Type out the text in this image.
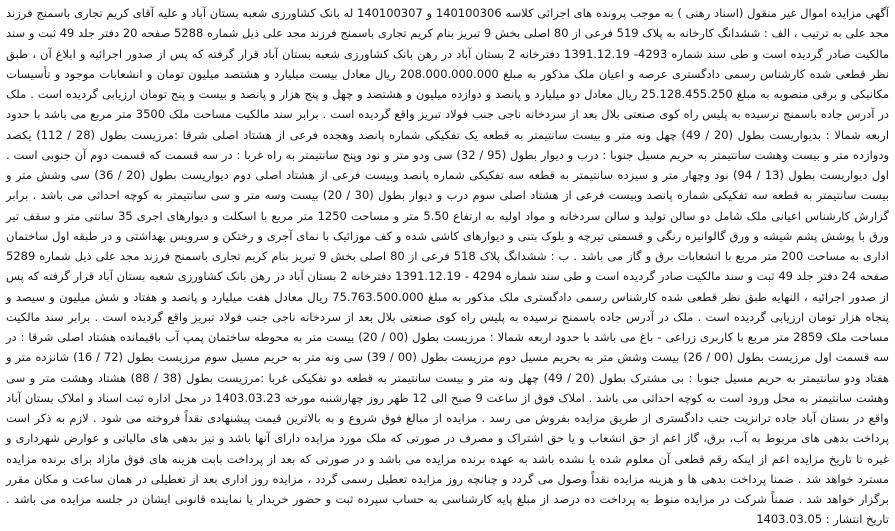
آگهی مزایده اموال غیر منقول (اسناد رهنی ) به موجب پرونده های اجرائی کلاسه 140100306 و 140100307 له بانک کشاورزی شعبه بستان آباد و علیه آقای کریم تجاری باسمنج فرزند مجد علی به ترتیب ، الف : ششدانگ کارخانه به پلاک 519 فرعی از 80 اصلی بخش 9 تبریز بنام کریم تجاری باسمنج فرزند مجد علی ذیل شماره 5288 صفحه 20 دفتر جلد 49 ثبت و سند مالکیت صادر گردیده است و طی سند شماره 4293- 1391.12.19 دفترخانه 2 بستان آباد در رهن بانک کشاورزی شعبه بستان آباد قرار گرفته که پس از صدور اجرائیه و ابلاغ آن ، طبق نظر قطعی شده کارشناس رسمی دادگستری عرصه و اعیان ملک مذکور به مبلغ 208.000.000.000 ریال معادل بیست میلیارد و هشتصد میلیون تومان و انشعابات موجود و تأسیسات مکانیکی و برقی منصوبه به مبلغ 25.128.455.250 ریال معادل دو میلیارد و پانصد و دوازده میلیون و هشتصد و چهل و پنج هزار و پانصد و بیست و پنج تومان ارزیابی گردیده است . ملک در آدرس جاده باسمنج نرسیده به پلیس راه کوی صنعتی بلال بعد از سردخانه ناجی جنب فولاد تبریز واقع گردیده است . برابر سند مالکیت مساحت ملک 3500 متر مربع می باشد با حدود اربعه شمالا : بدیواریست بطول (20 / 49) چهل ونه متر و بیست سانتیمتر به قطعه یک تفکیکی شماره پانصد وهجده فرعی از هشتاد اصلی شرقا :مرزیست بطول (28 / 112) یکصد ودوازده متر و بیست وهشت سانتیمتر به حریم مسیل جنوبا : درب و دیوار بطول (95 / 32) سی ودو متر و نود وپنج سانتیمتر به راه غربا : در سه قسمت که قسمت دوم آن جنوبی است . اول دیواریست بطول (13 / 94) نود وچهار متر و سیزده سانتیمتر به قطعه سه تفکیکی شماره پانصد وبیست فرعی از هشتاد اصلی دوم دیواریست بطول (20 / 36) سی وشش متر و بیست سانتیمتر به قطعه سه تفکیکی شماره پانصد وبیست فرعی از هشتاد اصلی سوم درب و دیوار بطول (30 / 20) بیست وسه متر و سی سانتیمتر به کوچه احداثی می باشد . برابر گزارش کارشناس اعیانی ملک شامل دو سالن تولید و سالن سردخانه و مواد اولیه به ارتفاع 5.50 متر و مساحت 1250 متر مربع با اسکلت و دیوارهای اجری 35 سانتی متر و سقف تیر ورق با پوشش پشم شیشه و ورق گالوانیزه رنگی و قسمتی تیرچه و بلوک بتنی و دیوارهای کاشی شده و کف موزائیک با نمای آجری و رختکن و سرویس بهداشتی و در طبقه اول ساختمان اداری به مساحت 200 متر مربع با انشعابات برق و گاز می باشد . ب : ششدانگ پلاک 518 فرعی از 80 اصلی بخش 9 تبریز بنام کریم تجاری باسمنج فرزند مجد علی ذیل شماره 5289 صفحه 24 دفتر جلد 49 ثبت و سند مالکیت صادر گردیده است و طی سند شماره 4294 - 1391.12.19 دفترخانه 2 بستان آباد در رهن بانک کشاورزی شعبه بستان آباد قرار گرفته که پس از صدور اجرائیه ، النهایه طبق نظر قطعی شده کارشناس رسمی دادگستری ملک مذکور به مبلغ 75.763.500.000 ریال معادل هفت میلیارد و پانصد و هفتاد و شش میلیون و سیصد و پنجاه هزار تومان ارزیابی گردیده است . ملک در آدرس جاده باسمنج نرسیده به پلیس راه کوی صنعتی بلال بعد از سردخانه ناجی جنب فولاد تبریز واقع گردیده است . برابر سند مالکیت مساحت ملک 2859 متر مربع با کاربری زراعی - باغ می باشد با حدود اربعه شمالا : مرزیست بطول (00 / 20) بیست متر به محوطه ساختمان پمپ آب باقیمانده هشتاد اصلی شرقا : در سه قسمت اول مرزیست بطول (00 / 26) بیست وشش متر به بحریم مسیل دوم مرزیست بطول (00 / 39) سی ونه متر به حریم مسیل سوم مرزیست بطول (72 / 16) شانزده متر و هفتاد ودو سانتیمتر به حریم مسیل جنوبا : بی مشترک بطول (20 / 49) چهل ونه متر و بیست سانتیمتر به قطعه دو تفکیکی غربا :مرزیست بطول (38 / 88) هشتاد وهشت متر و سی وهشت سانتیمتر به محل ورود است به کوچه احداثی می باشد . املاک فوق از ساعت 9 صبح الی 12 ظهر روز چهارشنبه مورخه 1403.03.23 در محل اداره ثبت اسناد و املاک بستان آباد واقع در بستان آباد جاده ترانزیت جنب دادگستری از طریق مزایده بفروش می رسد . مزایده از مبالغ فوق شروع و به بالاترین قیمت پیشنهادی نقداً فروخته می شود . لازم به ذکر است پرداخت بدهی های مربوط به آب، برق، گاز اعم از حق انشعاب و یا حق اشتراک و مصرف در صورتی که ملک مورد مزایده دارای آنها باشد و نیز بدهی های مالیاتی و عوارض شهرداری و غیره تا تاریخ مزایده اعم از اینکه رقم قطعی آن معلوم شده یا نشده باشد به عهده برنده مزایده می باشد و در صورتی که بعد از پرداخت بابت هزینه های فوق مازاد برای برنده مزایده مسترد خواهد شد . ضمنا پرداخت بدهی ها و هزینه مزایده نقداً وصول می گردد و چنانچه روز مزایده تعطیل رسمی گردد ، مزایده روز اداری بعد از تعطیلی در همان ساعت و مکان مقرر برگزار خواهد شد . ضمناً شرکت در مزایده منوط به پرداخت ده درصد از مبلغ پایه کارشناسی به حساب سپرده ثبت و حضور خریدار یا نماینده قانونی ایشان در جلسه مزایده می باشد . تاریخ انتشار : 1403.03.05
